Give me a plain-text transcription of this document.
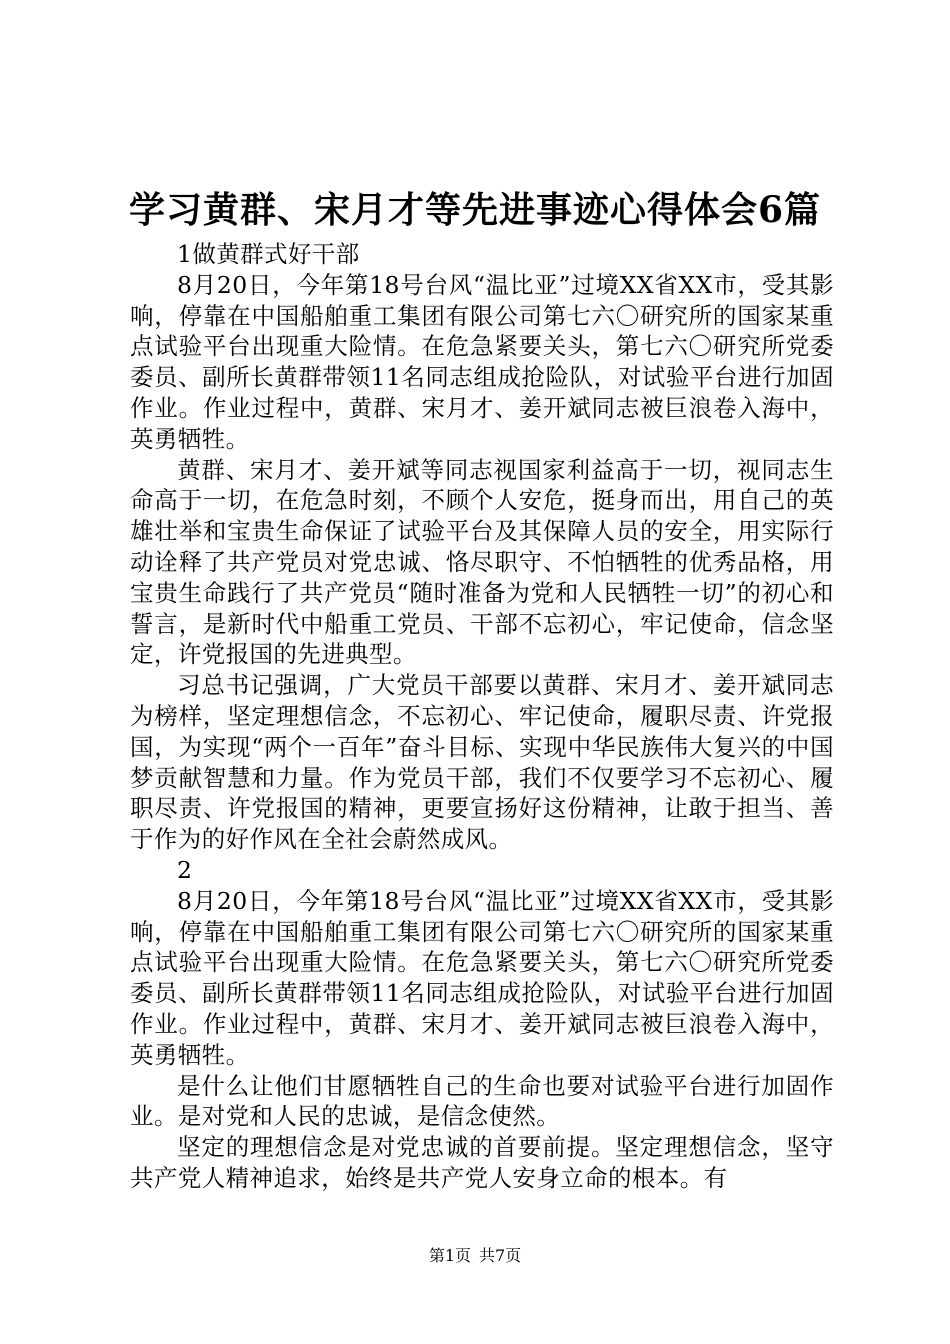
学习黄群、宋月才等先进事迹心得体会6篇

1做黄群式好干部

8月20日，今年第18号台风“温比亚”过境XX省XX市，受其影响，停靠在中国船舶重工集团有限公司第七六〇研究所的国家某重点试验平台出现重大险情。在危急紧要关头，第七六〇研究所党委委员、副所长黄群带领11名同志组成抢险队，对试验平台进行加固作业。作业过程中，黄群、宋月才、姜开斌同志被巨浪卷入海中，英勇牺牲。

黄群、宋月才、姜开斌等同志视国家利益高于一切，视同志生命高于一切，在危急时刻，不顾个人安危，挺身而出，用自己的英雄壮举和宝贵生命保证了试验平台及其保障人员的安全，用实际行动诠释了共产党员对党忠诚、恪尽职守、不怕牺牲的优秀品格，用宝贵生命践行了共产党员“随时准备为党和人民牺牲一切”的初心和誓言，是新时代中船重工党员、干部不忘初心，牢记使命，信念坚定，许党报国的先进典型。

习总书记强调，广大党员干部要以黄群、宋月才、姜开斌同志为榜样，坚定理想信念，不忘初心、牢记使命，履职尽责、许党报国，为实现“两个一百年”奋斗目标、实现中华民族伟大复兴的中国梦贡献智慧和力量。作为党员干部，我们不仅要学习不忘初心、履职尽责、许党报国的精神，更要宣扬好这份精神，让敢于担当、善于作为的好作风在全社会蔚然成风。

2

8月20日，今年第18号台风“温比亚”过境XX省XX市，受其影响，停靠在中国船舶重工集团有限公司第七六〇研究所的国家某重点试验平台出现重大险情。在危急紧要关头，第七六〇研究所党委委员、副所长黄群带领11名同志组成抢险队，对试验平台进行加固作业。作业过程中，黄群、宋月才、姜开斌同志被巨浪卷入海中，英勇牺牲。

是什么让他们甘愿牺牲自己的生命也要对试验平台进行加固作业。是对党和人民的忠诚，是信念使然。

坚定的理想信念是对党忠诚的首要前提。坚定理想信念，坚守共产党人精神追求，始终是共产党人安身立命的根本。有

第1页 共7页
